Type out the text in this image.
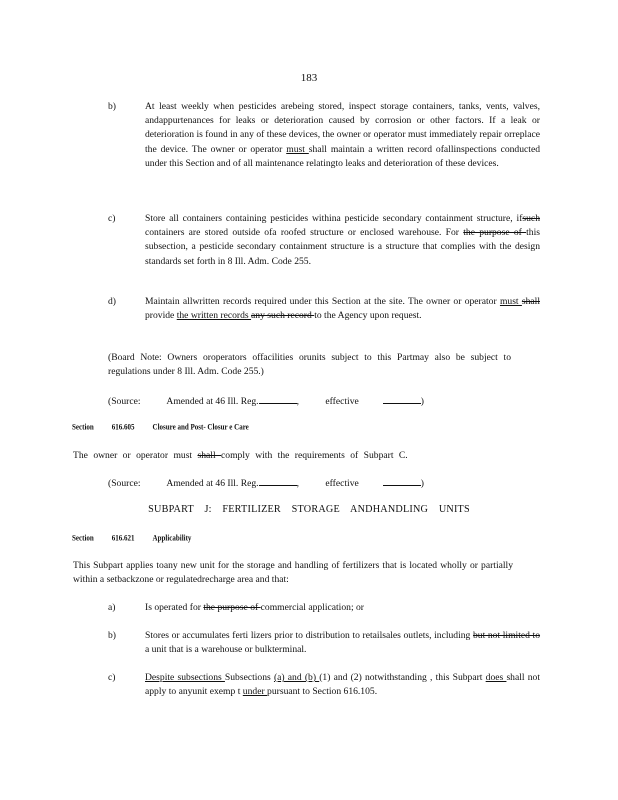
183
b)	At least weekly when pesticides arebeing stored, inspect storage containers, tanks, vents, valves, andappurtenances for leaks or deterioration caused by corrosion or other factors. If a leak or deterioration is found in any of these devices, the owner or operator must immediately repair orreplace the device. The owner or operator must shall maintain a written record ofallinspections conducted under this Section and of all maintenance relatingto leaks and deterioration of these devices.
c)	Store all containers containing pesticides withina pesticide secondary containment structure, ifsuch containers are stored outside ofa roofed structure or enclosed warehouse. For the purpose of this subsection, a pesticide secondary containment structure is a structure that complies with the design standards set forth in 8 Ill. Adm. Code 255.
d)	Maintain allwritten records required under this Section at the site. The owner or operator must shall provide the written records any such record to the Agency upon request.
(Board Note: Owners oroperators offacilities orunits subject to this Partmay also be subject to regulations under 8 Ill. Adm. Code 255.)
(Source:	Amended at 46 Ill. Reg.	,	effective	)
Section	616.605	Closure and Post- Closur e Care
The owner or operator must shall comply with the requirements of Subpart C.
(Source:	Amended at 46 Ill. Reg.	,	effective	)
SUBPART J: FERTILIZER STORAGE ANDHANDLING UNITS
Section	616.621	Applicability
This Subpart applies toany new unit for the storage and handling of fertilizers that is located wholly or partially within a setbackzone or regulatedrecharge area and that:
a)	Is operated for the purpose of commercial application; or
b)	Stores or accumulates ferti lizers prior to distribution to retailsales outlets, including but not limited to a unit that is a warehouse or bulkterminal.
c)	Despite subsections Subsections (a) and (b) (1) and (2) notwithstanding , this Subpart does shall not apply to anyunit exemp t under pursuant to Section 616.105.
